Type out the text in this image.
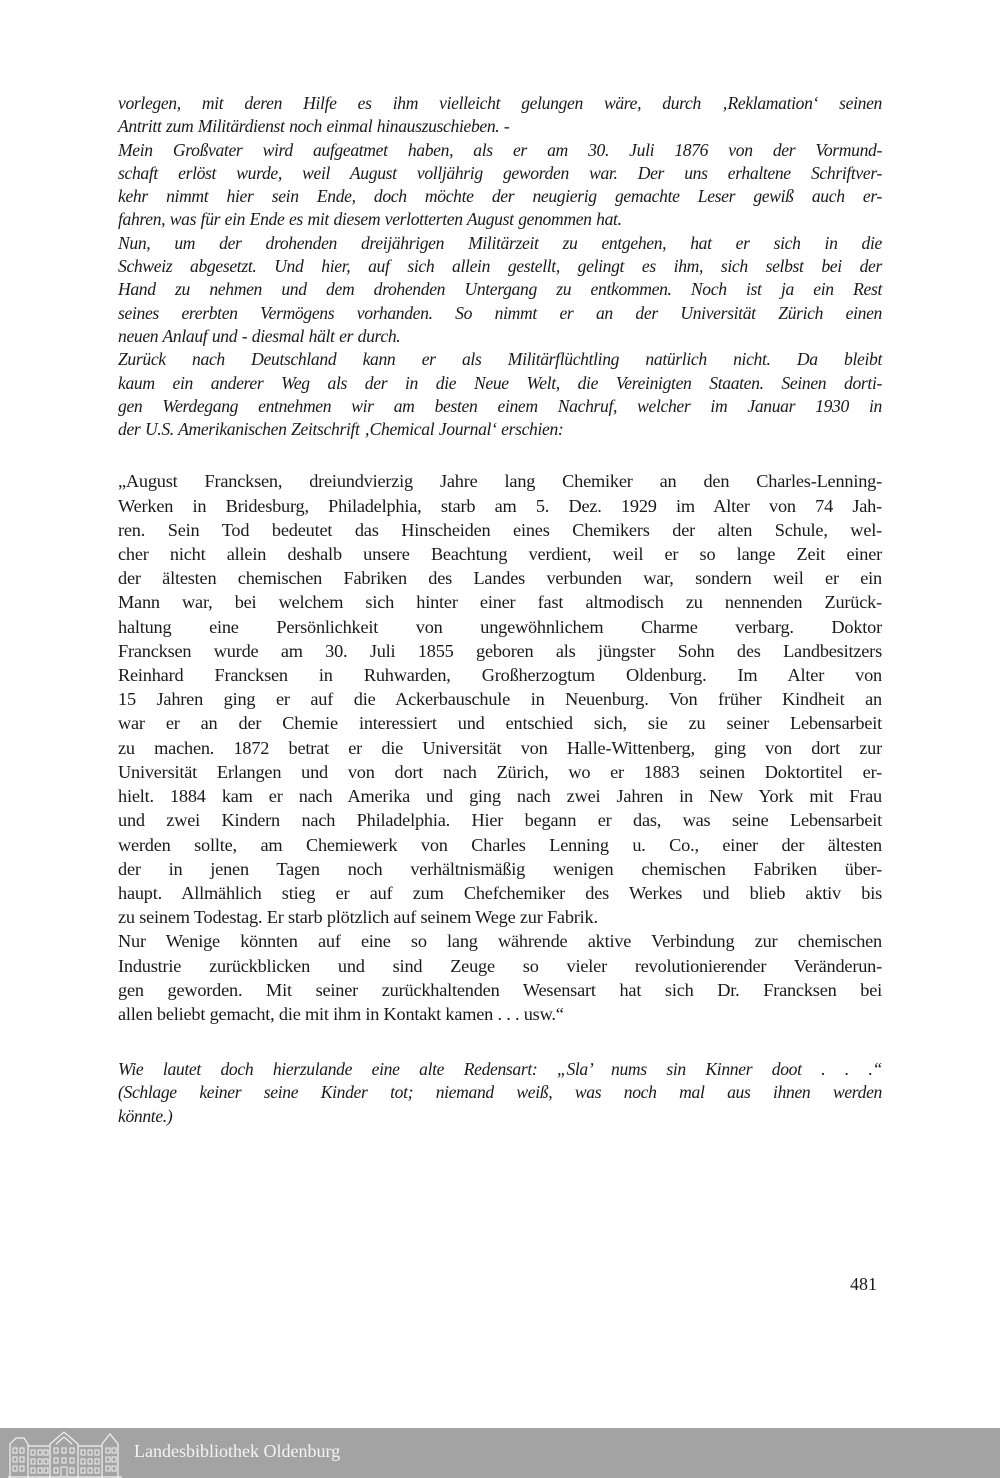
vorlegen, mit deren Hilfe es ihm vielleicht gelungen wäre, durch ‚Reklamation‘ seinen
Antritt zum Militärdienst noch einmal hinauszuschieben. -
Mein Großvater wird aufgeatmet haben, als er am 30. Juli 1876 von der Vormund-
schaft erlöst wurde, weil August volljährig geworden war. Der uns erhaltene Schriftver-
kehr nimmt hier sein Ende, doch möchte der neugierig gemachte Leser gewiß auch er-
fahren, was für ein Ende es mit diesem verlotterten August genommen hat.
Nun, um der drohenden dreijährigen Militärzeit zu entgehen, hat er sich in die
Schweiz abgesetzt. Und hier, auf sich allein gestellt, gelingt es ihm, sich selbst bei der
Hand zu nehmen und dem drohenden Untergang zu entkommen. Noch ist ja ein Rest
seines ererbten Vermögens vorhanden. So nimmt er an der Universität Zürich einen
neuen Anlauf und - diesmal hält er durch.
Zurück nach Deutschland kann er als Militärflüchtling natürlich nicht. Da bleibt
kaum ein anderer Weg als der in die Neue Welt, die Vereinigten Staaten. Seinen dorti-
gen Werdegang entnehmen wir am besten einem Nachruf, welcher im Januar 1930 in
der U.S. Amerikanischen Zeitschrift ‚Chemical Journal‘ erschien:
„August Francksen, dreiundvierzig Jahre lang Chemiker an den Charles-Lenning-
Werken in Bridesburg, Philadelphia, starb am 5. Dez. 1929 im Alter von 74 Jah-
ren. Sein Tod bedeutet das Hinscheiden eines Chemikers der alten Schule, wel-
cher nicht allein deshalb unsere Beachtung verdient, weil er so lange Zeit einer
der ältesten chemischen Fabriken des Landes verbunden war, sondern weil er ein
Mann war, bei welchem sich hinter einer fast altmodisch zu nennenden Zurück-
haltung eine Persönlichkeit von ungewöhnlichem Charme verbarg. Doktor
Francksen wurde am 30. Juli 1855 geboren als jüngster Sohn des Landbesitzers
Reinhard Francksen in Ruhwarden, Großherzogtum Oldenburg. Im Alter von
15 Jahren ging er auf die Ackerbauschule in Neuenburg. Von früher Kindheit an
war er an der Chemie interessiert und entschied sich, sie zu seiner Lebensarbeit
zu machen. 1872 betrat er die Universität von Halle-Wittenberg, ging von dort zur
Universität Erlangen und von dort nach Zürich, wo er 1883 seinen Doktortitel er-
hielt. 1884 kam er nach Amerika und ging nach zwei Jahren in New York mit Frau
und zwei Kindern nach Philadelphia. Hier begann er das, was seine Lebensarbeit
werden sollte, am Chemiewerk von Charles Lenning u. Co., einer der ältesten
der in jenen Tagen noch verhältnismäßig wenigen chemischen Fabriken über-
haupt. Allmählich stieg er auf zum Chefchemiker des Werkes und blieb aktiv bis
zu seinem Todestag. Er starb plötzlich auf seinem Wege zur Fabrik.
Nur Wenige könnten auf eine so lang währende aktive Verbindung zur chemischen
Industrie zurückblicken und sind Zeuge so vieler revolutionierender Veränderun-
gen geworden. Mit seiner zurückhaltenden Wesensart hat sich Dr. Francksen bei
allen beliebt gemacht, die mit ihm in Kontakt kamen . . . usw.“
Wie lautet doch hierzulande eine alte Redensart: „Sla’ nums sin Kinner doot . . .“
(Schlage keiner seine Kinder tot; niemand weiß, was noch mal aus ihnen werden
könnte.)
481
Landesbibliothek Oldenburg
